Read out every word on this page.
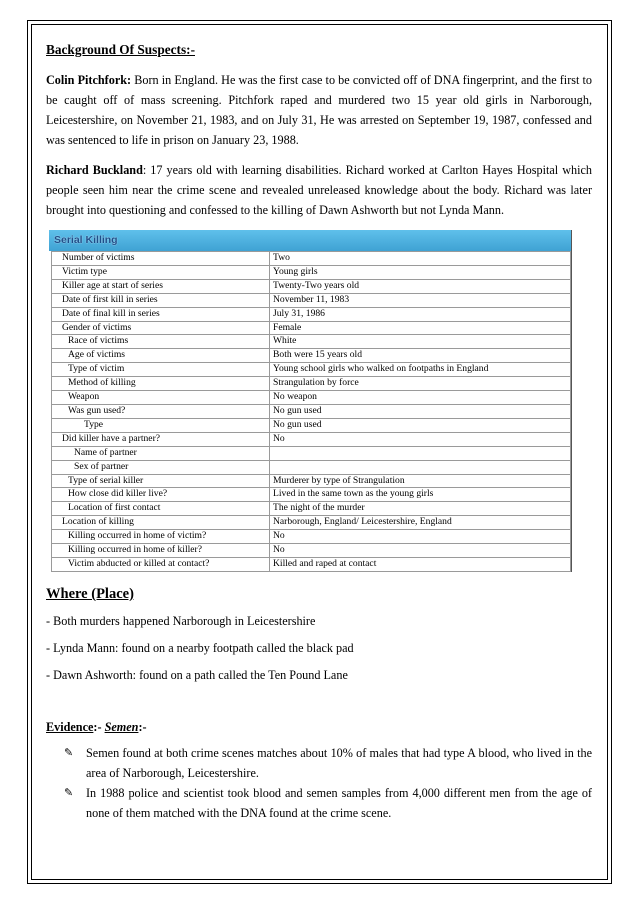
Background Of Suspects:-

Colin Pitchfork: Born in England. He was the first case to be convicted off of DNA fingerprint, and the first to be caught off of mass screening. Pitchfork raped and murdered two 15 year old girls in Narborough, Leicestershire, on November 21, 1983, and on July 31, He was arrested on September 19, 1987, confessed and was sentenced to life in prison on January 23, 1988.

Richard Buckland: 17 years old with learning disabilities. Richard worked at Carlton Hayes Hospital which people seen him near the crime scene and revealed unreleased knowledge about the body. Richard was later brought into questioning and confessed to the killing of Dawn Ashworth but not Lynda Mann.

Serial Killing
Number of victims	Two
Victim type	Young girls
Killer age at start of series	Twenty-Two years old
Date of first kill in series	November 11, 1983
Date of final kill in series	July 31, 1986
Gender of victims	Female
Race of victims	White
Age of victims	Both were 15 years old
Type of victim	Young school girls who walked on footpaths in England
Method of killing	Strangulation by force
Weapon	No weapon
Was gun used?	No gun used
Type	No gun used
Did killer have a partner?	No
Name of partner	
Sex of partner	
Type of serial killer	Murderer by type of Strangulation
How close did killer live?	Lived in the same town as the young girls
Location of first contact	The night of the murder
Location of killing	Narborough, England/ Leicestershire, England
Killing occurred in home of victim?	No
Killing occurred in home of killer?	No
Victim abducted or killed at contact?	Killed and raped at contact
Where (Place)
- Both murders happened Narborough in Leicestershire
- Lynda Mann: found on a nearby footpath called the black pad
- Dawn Ashworth: found on a path called the Ten Pound Lane
Evidence:- Semen:-
✎ Semen found at both crime scenes matches about 10% of males that had type A blood, who lived in the area of Narborough, Leicestershire.
✎ In 1988 police and scientist took blood and semen samples from 4,000 different men from the age of none of them matched with the DNA found at the crime scene.
